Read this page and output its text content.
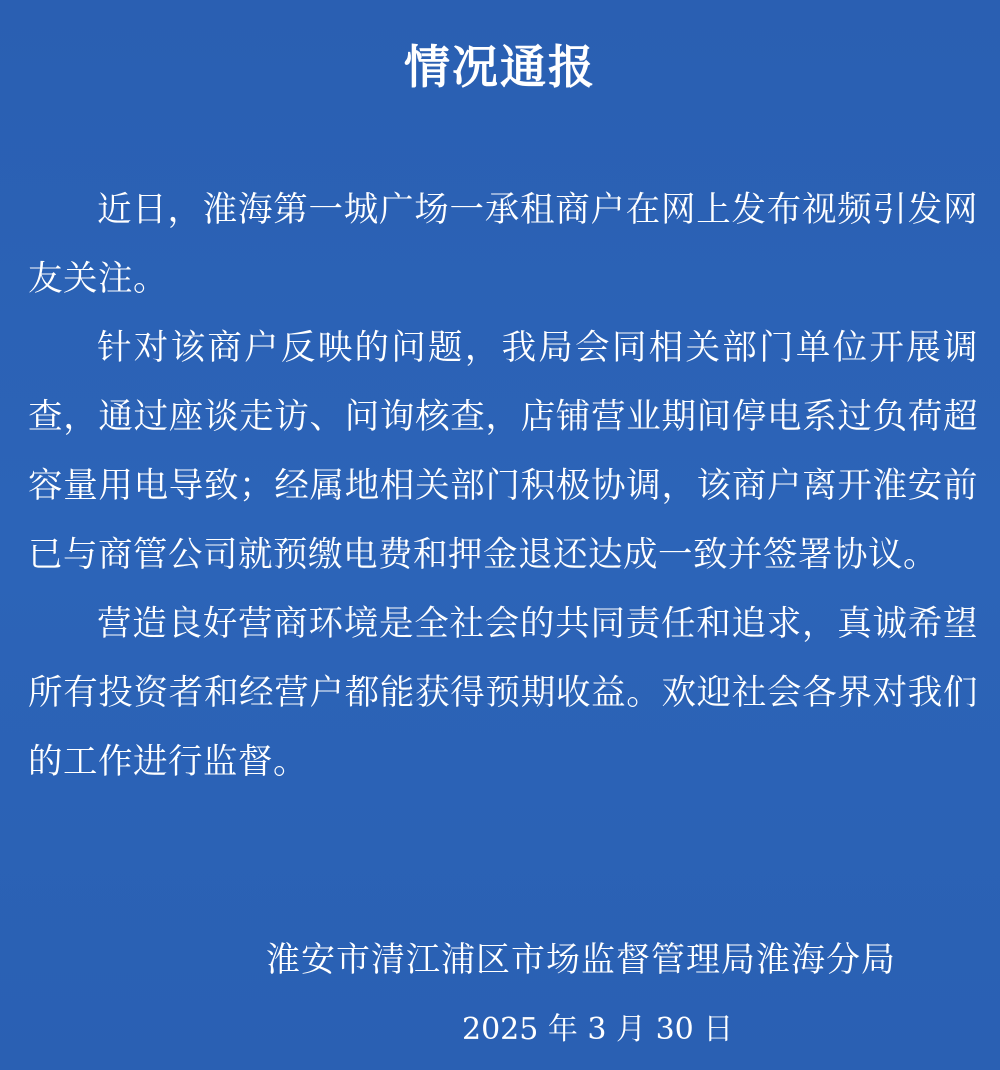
情况通报

近日，淮海第一城广场一承租商户在网上发布视频引发网友关注。

针对该商户反映的问题，我局会同相关部门单位开展调查，通过座谈走访、问询核查，店铺营业期间停电系过负荷超容量用电导致；经属地相关部门积极协调，该商户离开淮安前已与商管公司就预缴电费和押金退还达成一致并签署协议。

营造良好营商环境是全社会的共同责任和追求，真诚希望所有投资者和经营户都能获得预期收益。欢迎社会各界对我们的工作进行监督。

淮安市清江浦区市场监督管理局淮海分局
2025 年 3 月 30 日
